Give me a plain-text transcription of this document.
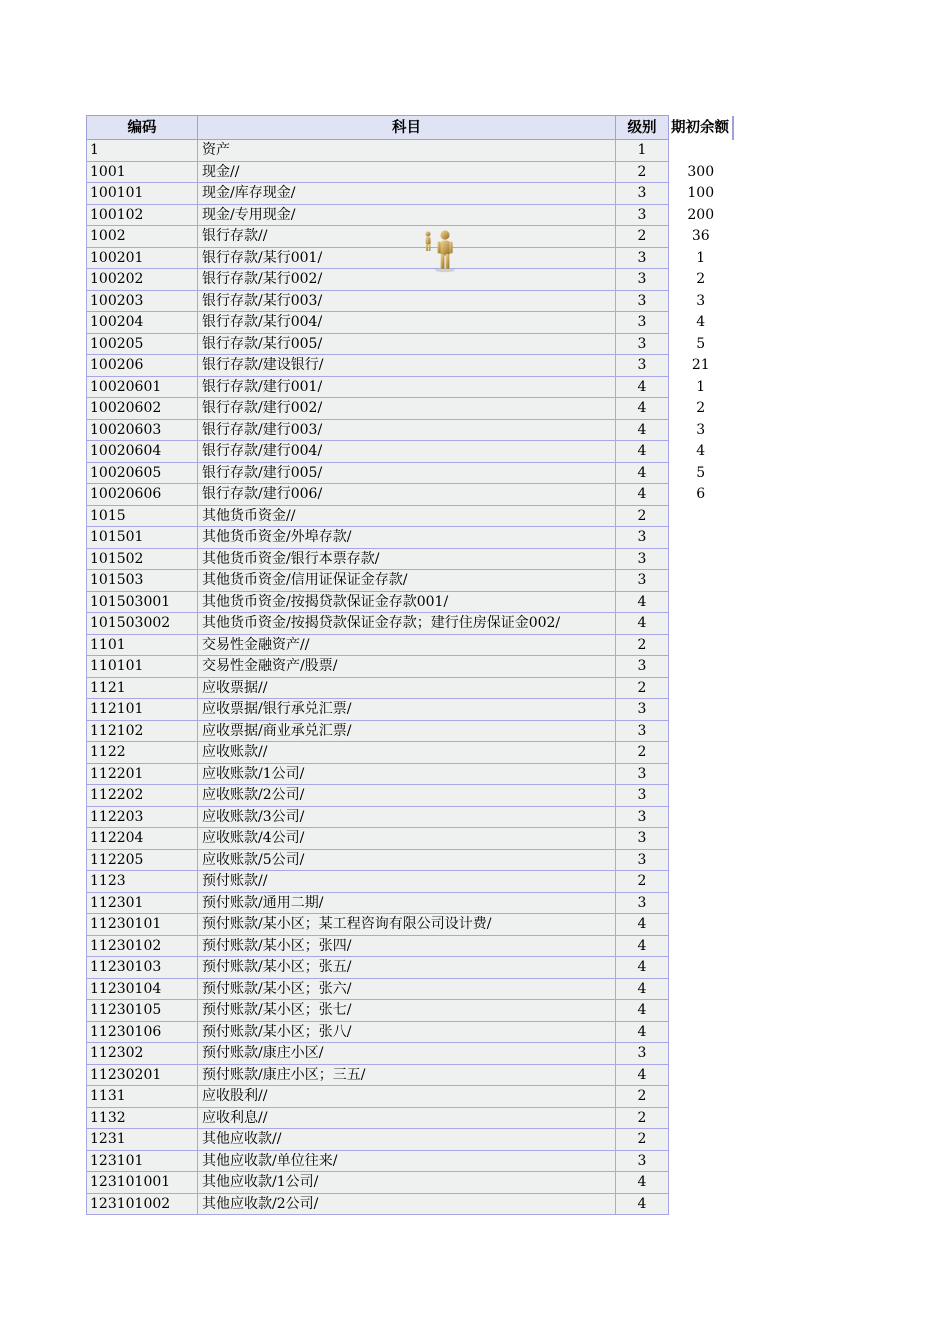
编码	科目	级别	期初余额
1	资产	1	
1001	现金//	2	300
100101	现金/库存现金/	3	100
100102	现金/专用现金/	3	200
1002	银行存款//	2	36
100201	银行存款/某行001/	3	1
100202	银行存款/某行002/	3	2
100203	银行存款/某行003/	3	3
100204	银行存款/某行004/	3	4
100205	银行存款/某行005/	3	5
100206	银行存款/建设银行/	3	21
10020601	银行存款/建行001/	4	1
10020602	银行存款/建行002/	4	2
10020603	银行存款/建行003/	4	3
10020604	银行存款/建行004/	4	4
10020605	银行存款/建行005/	4	5
10020606	银行存款/建行006/	4	6
1015	其他货币资金//	2	
101501	其他货币资金/外埠存款/	3	
101502	其他货币资金/银行本票存款/	3	
101503	其他货币资金/信用证保证金存款/	3	
101503001	其他货币资金/按揭贷款保证金存款001/	4	
101503002	其他货币资金/按揭贷款保证金存款；建行住房保证金002/	4	
1101	交易性金融资产//	2	
110101	交易性金融资产/股票/	3	
1121	应收票据//	2	
112101	应收票据/银行承兑汇票/	3	
112102	应收票据/商业承兑汇票/	3	
1122	应收账款//	2	
112201	应收账款/1公司/	3	
112202	应收账款/2公司/	3	
112203	应收账款/3公司/	3	
112204	应收账款/4公司/	3	
112205	应收账款/5公司/	3	
1123	预付账款//	2	
112301	预付账款/通用二期/	3	
11230101	预付账款/某小区；某工程咨询有限公司设计费/	4	
11230102	预付账款/某小区；张四/	4	
11230103	预付账款/某小区；张五/	4	
11230104	预付账款/某小区；张六/	4	
11230105	预付账款/某小区；张七/	4	
11230106	预付账款/某小区；张八/	4	
112302	预付账款/康庄小区/	3	
11230201	预付账款/康庄小区；三五/	4	
1131	应收股利//	2	
1132	应收利息//	2	
1231	其他应收款//	2	
123101	其他应收款/单位往来/	3	
123101001	其他应收款/1公司/	4	
123101002	其他应收款/2公司/	4	
